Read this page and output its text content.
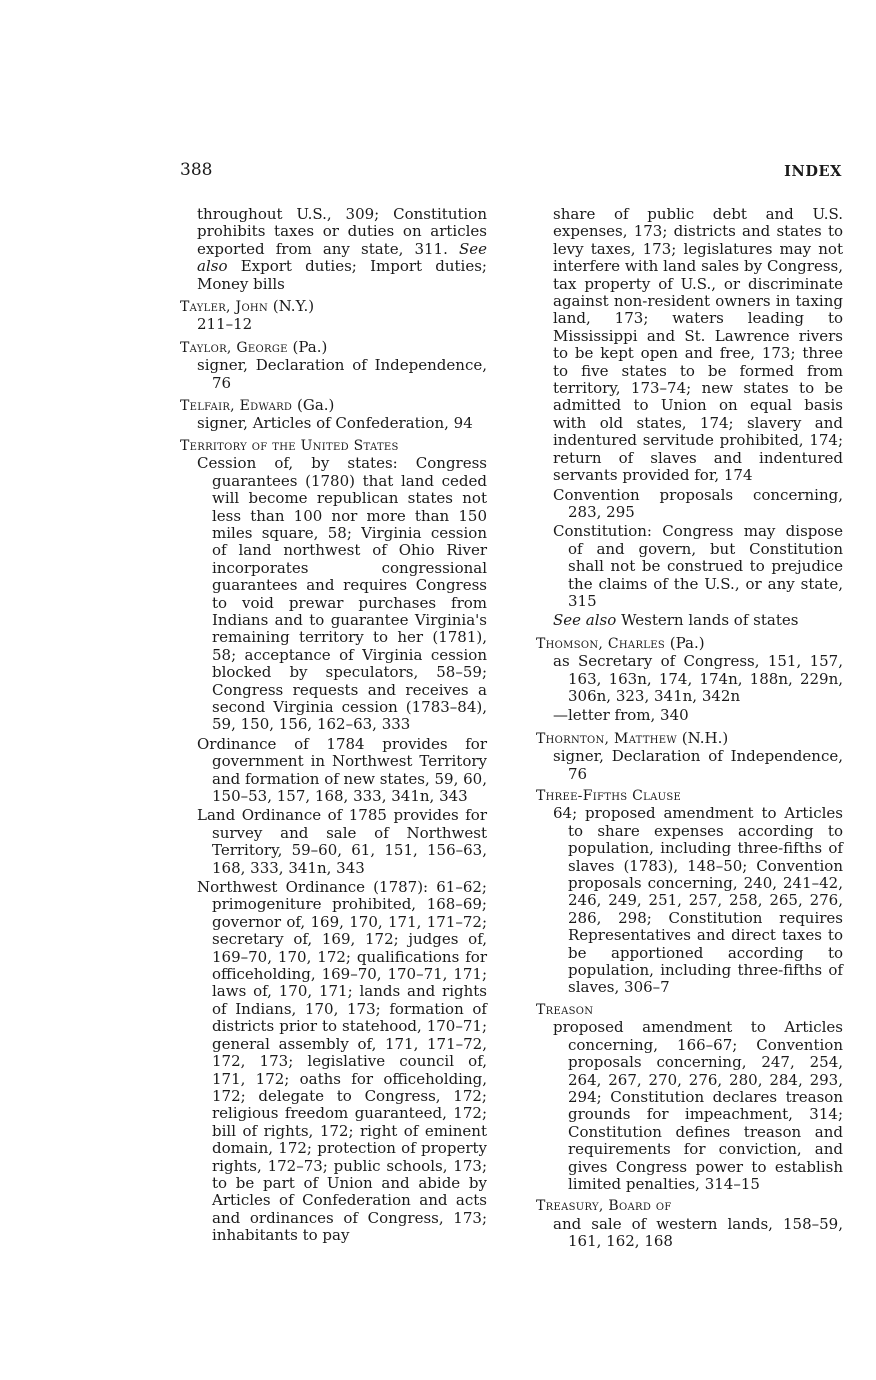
388	INDEX
throughout U.S., 309; Constitution prohibits taxes or duties on articles exported from any state, 311. See also Export duties; Import duties; Money bills
Tayler, John (N.Y.)
211–12
Taylor, George (Pa.)
signer, Declaration of Independence, 76
Telfair, Edward (Ga.)
signer, Articles of Confederation, 94
Territory of the United States
Cession of, by states: Congress guarantees (1780) that land ceded will become republican states not less than 100 nor more than 150 miles square, 58; Virginia cession of land northwest of Ohio River incorporates congressional guarantees and requires Congress to void prewar purchases from Indians and to guarantee Virginia's remaining territory to her (1781), 58; acceptance of Virginia cession blocked by speculators, 58–59; Congress requests and receives a second Virginia cession (1783–84), 59, 150, 156, 162–63, 333
Ordinance of 1784 provides for government in Northwest Territory and formation of new states, 59, 60, 150–53, 157, 168, 333, 341n, 343
Land Ordinance of 1785 provides for survey and sale of Northwest Territory, 59–60, 61, 151, 156–63, 168, 333, 341n, 343
Northwest Ordinance (1787): 61–62; primogeniture prohibited, 168–69; governor of, 169, 170, 171, 171–72; secretary of, 169, 172; judges of, 169–70, 170, 172; qualifications for officeholding, 169–70, 170–71, 171; laws of, 170, 171; lands and rights of Indians, 170, 173; formation of districts prior to statehood, 170–71; general assembly of, 171, 171–72, 172, 173; legislative council of, 171, 172; oaths for officeholding, 172; delegate to Congress, 172; religious freedom guaranteed, 172; bill of rights, 172; right of eminent domain, 172; protection of property rights, 172–73; public schools, 173; to be part of Union and abide by Articles of Confederation and acts and ordinances of Congress, 173; inhabitants to pay
share of public debt and U.S. expenses, 173; districts and states to levy taxes, 173; legislatures may not interfere with land sales by Congress, tax property of U.S., or discriminate against non-resident owners in taxing land, 173; waters leading to Mississippi and St. Lawrence rivers to be kept open and free, 173; three to five states to be formed from territory, 173–74; new states to be admitted to Union on equal basis with old states, 174; slavery and indentured servitude prohibited, 174; return of slaves and indentured servants provided for, 174
Convention proposals concerning, 283, 295
Constitution: Congress may dispose of and govern, but Constitution shall not be construed to prejudice the claims of the U.S., or any state, 315
See also Western lands of states
Thomson, Charles (Pa.)
as Secretary of Congress, 151, 157, 163, 163n, 174, 174n, 188n, 229n, 306n, 323, 341n, 342n
—letter from, 340
Thornton, Matthew (N.H.)
signer, Declaration of Independence, 76
Three-Fifths Clause
64; proposed amendment to Articles to share expenses according to population, including three-fifths of slaves (1783), 148–50; Convention proposals concerning, 240, 241–42, 246, 249, 251, 257, 258, 265, 276, 286, 298; Constitution requires Representatives and direct taxes to be apportioned according to population, including three-fifths of slaves, 306–7
Treason
proposed amendment to Articles concerning, 166–67; Convention proposals concerning, 247, 254, 264, 267, 270, 276, 280, 284, 293, 294; Constitution declares treason grounds for impeachment, 314; Constitution defines treason and requirements for conviction, and gives Congress power to establish limited penalties, 314–15
Treasury, Board of
and sale of western lands, 158–59, 161, 162, 168
